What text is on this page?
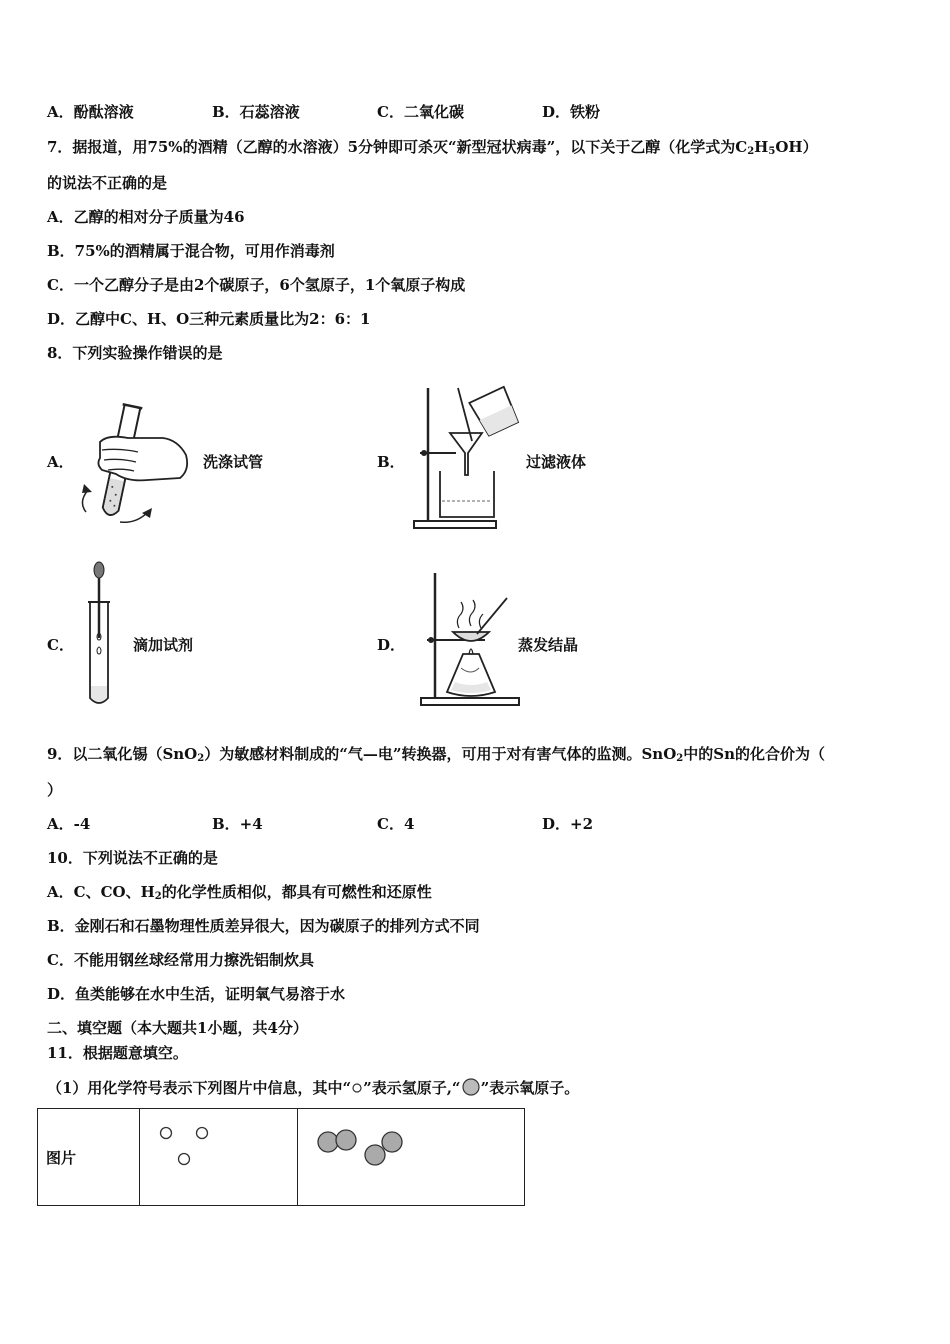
A．酚酞溶液	B．石蕊溶液	C．二氧化碳	D．铁粉
7．据报道，用75%的酒精（乙醇的水溶液）5分钟即可杀灭“新型冠状病毒”，以下关于乙醇（化学式为$C_2H_5OH$）
的说法不正确的是
A．乙醇的相对分子质量为46
B．75%的酒精属于混合物，可用作消毒剂
C．一个乙醇分子是由2个碳原子，6个氢原子，1个氧原子构成
D．乙醇中C、H、O三种元素质量比为2：6：1
8．下列实验操作错误的是
A．	洗涤试管	B．	过滤液体
C．	滴加试剂	D．	蒸发结晶
9．以二氧化锡（SnO$_2$）为敏感材料制成的“气—电”转换器，可用于对有害气体的监测。SnO$_2$中的Sn的化合价为（
）
A．-4	B．+4	C．4	D．+2
10．下列说法不正确的是
A．C、CO、$H_2$的化学性质相似，都具有可燃性和还原性
B．金刚石和石墨物理性质差异很大，因为碳原子的排列方式不同
C．不能用钢丝球经常用力擦洗铝制炊具
D．鱼类能够在水中生活，证明氧气易溶于水
二、填空题（本大题共1小题，共4分）
11．根据题意填空。
（1）用化学符号表示下列图片中信息，其中“ ”表示氢原子,“ ”表示氧原子。
图片	
